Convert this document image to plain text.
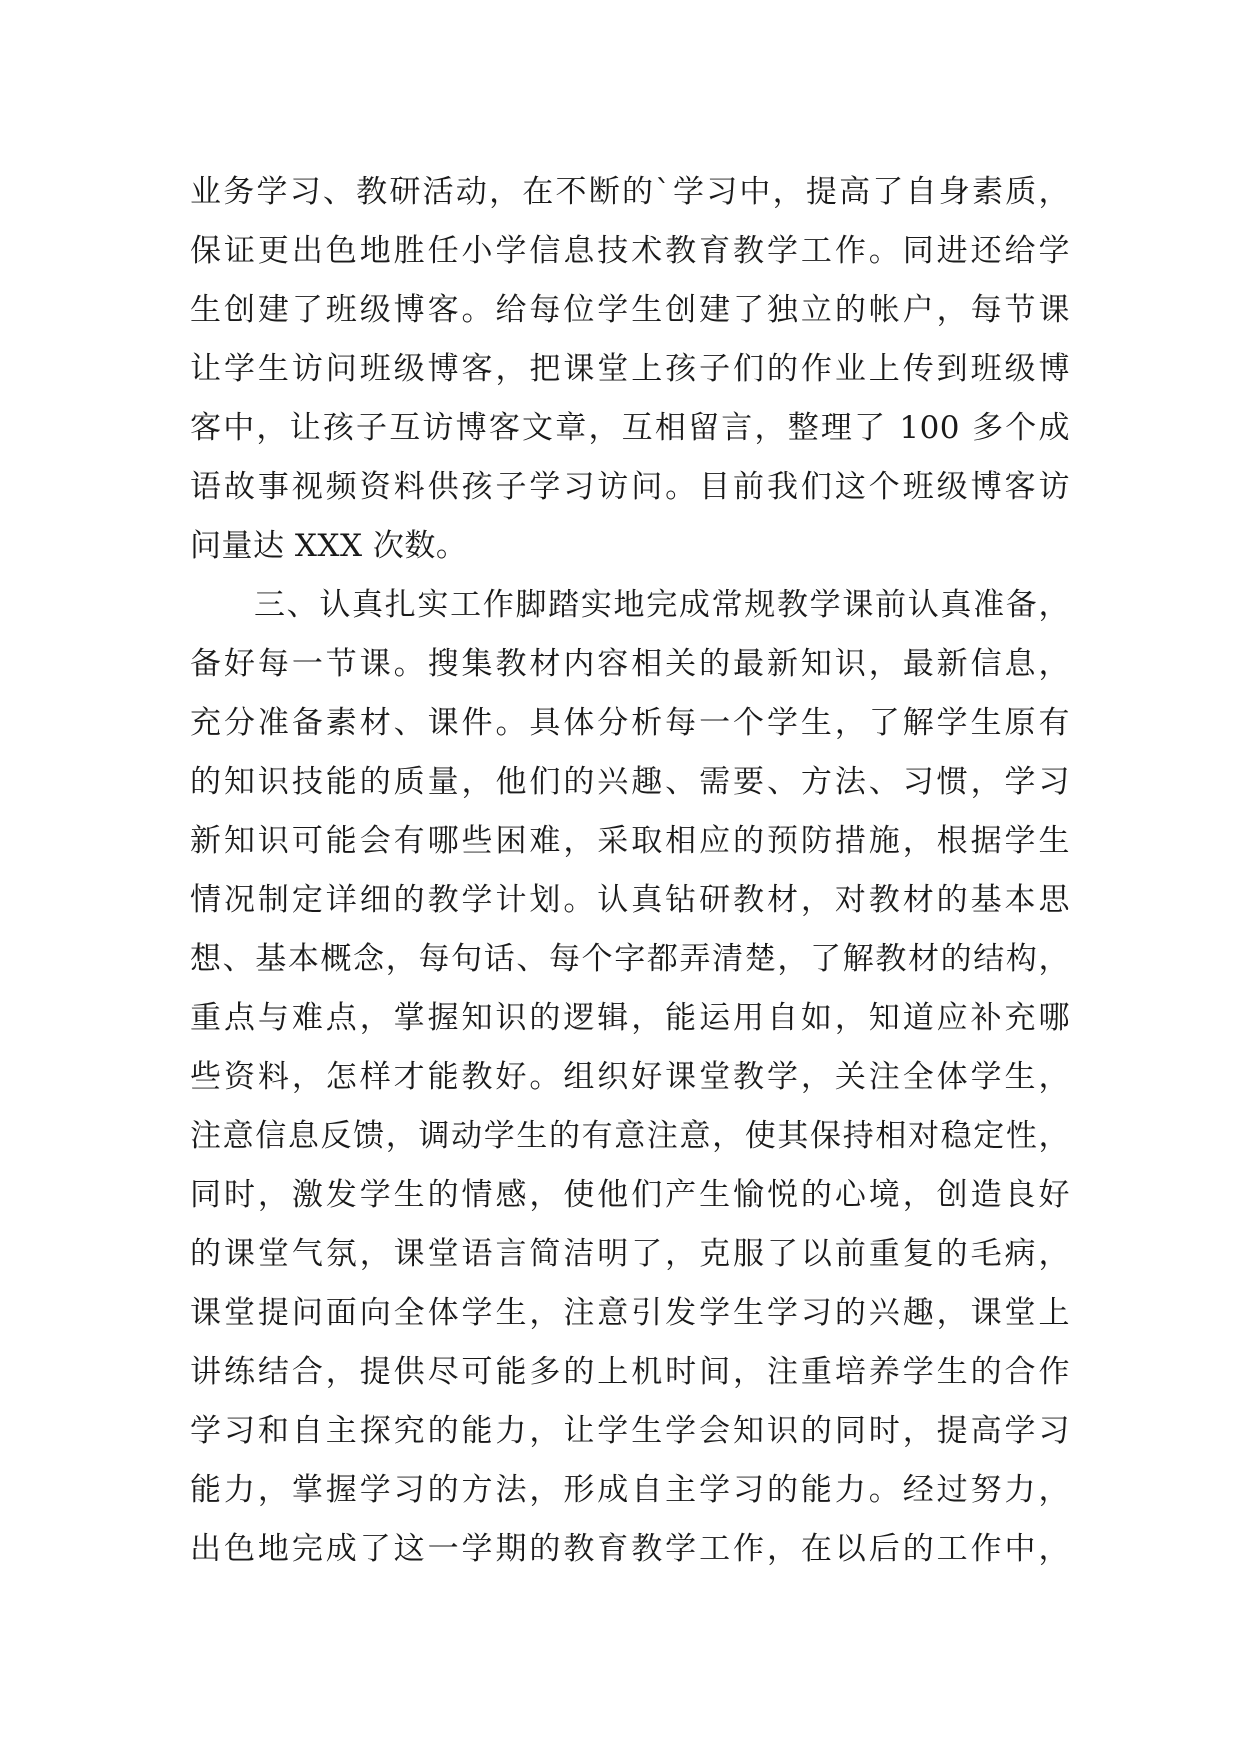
业务学习、教研活动，在不断的`学习中，提高了自身素质，
保证更出色地胜任小学信息技术教育教学工作。同进还给学
生创建了班级博客。给每位学生创建了独立的帐户，每节课
让学生访问班级博客，把课堂上孩子们的作业上传到班级博
客中，让孩子互访博客文章，互相留言，整理了 100 多个成
语故事视频资料供孩子学习访问。目前我们这个班级博客访
问量达 XXX 次数。
三、认真扎实工作脚踏实地完成常规教学课前认真准备，
备好每一节课。搜集教材内容相关的最新知识，最新信息，
充分准备素材、课件。具体分析每一个学生，了解学生原有
的知识技能的质量，他们的兴趣、需要、方法、习惯，学习
新知识可能会有哪些困难，采取相应的预防措施，根据学生
情况制定详细的教学计划。认真钻研教材，对教材的基本思
想、基本概念，每句话、每个字都弄清楚，了解教材的结构，
重点与难点，掌握知识的逻辑，能运用自如，知道应补充哪
些资料，怎样才能教好。组织好课堂教学，关注全体学生，
注意信息反馈，调动学生的有意注意，使其保持相对稳定性，
同时，激发学生的情感，使他们产生愉悦的心境，创造良好
的课堂气氛，课堂语言简洁明了，克服了以前重复的毛病，
课堂提问面向全体学生，注意引发学生学习的兴趣，课堂上
讲练结合，提供尽可能多的上机时间，注重培养学生的合作
学习和自主探究的能力，让学生学会知识的同时，提高学习
能力，掌握学习的方法，形成自主学习的能力。经过努力，
出色地完成了这一学期的教育教学工作，在以后的工作中，
